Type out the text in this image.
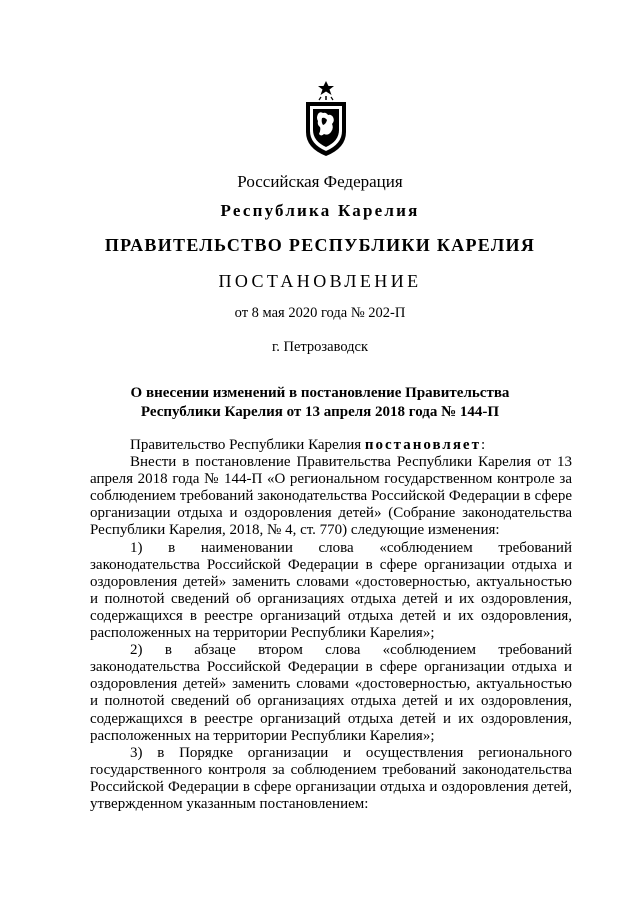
Российская Федерация
Республика Карелия
ПРАВИТЕЛЬСТВО РЕСПУБЛИКИ КАРЕЛИЯ
ПОСТАНОВЛЕНИЕ
от 8 мая 2020 года № 202-П
г. Петрозаводск
О внесении изменений в постановление Правительства
Республики Карелия от 13 апреля 2018 года № 144-П

Правительство Республики Карелия постановляет:

Внести в постановление Правительства Республики Карелия от 13 апреля 2018 года № 144-П «О региональном государственном контроле за соблюдением требований законодательства Российской Федерации в сфере организации отдыха и оздоровления детей» (Собрание законодательства Республики Карелия, 2018, № 4, ст. 770) следующие изменения:

1) в наименовании слова «соблюдением требований законодательства Российской Федерации в сфере организации отдыха и оздоровления детей» заменить словами «достоверностью, актуальностью и полнотой сведений об организациях отдыха детей и их оздоровления, содержащихся в реестре организаций отдыха детей и их оздоровления, расположенных на территории Республики Карелия»;

2) в абзаце втором слова «соблюдением требований законодательства Российской Федерации в сфере организации отдыха и оздоровления детей» заменить словами «достоверностью, актуальностью и полнотой сведений об организациях отдыха детей и их оздоровления, содержащихся в реестре организаций отдыха детей и их оздоровления, расположенных на территории Республики Карелия»;

3) в Порядке организации и осуществления регионального государственного контроля за соблюдением требований законодательства Российской Федерации в сфере организации отдыха и оздоровления детей, утвержденном указанным постановлением:
